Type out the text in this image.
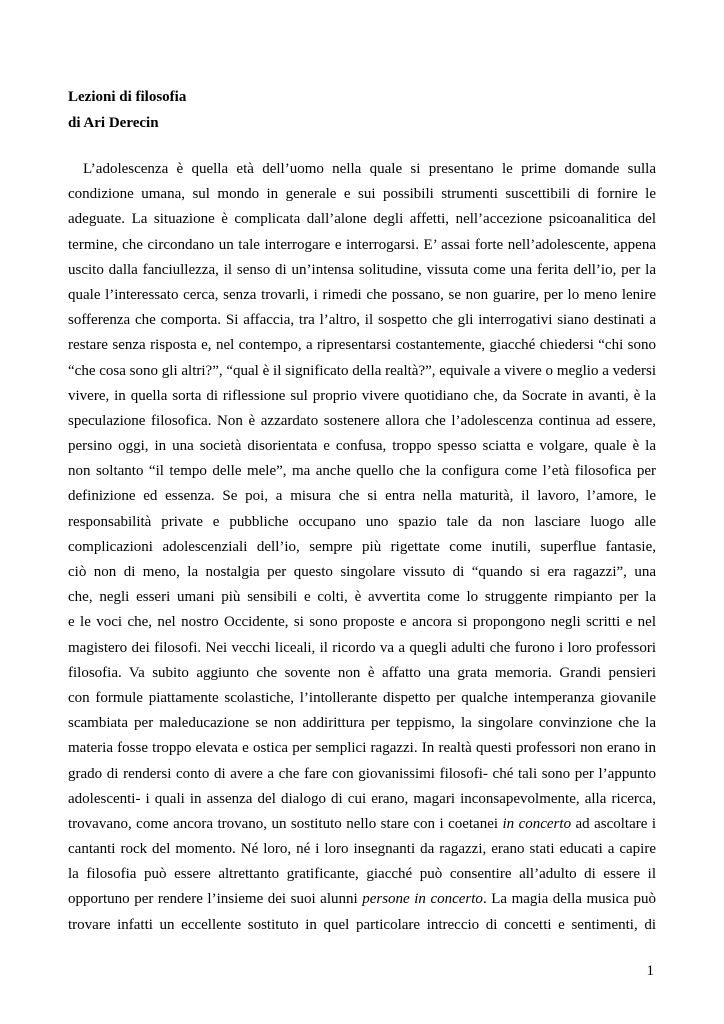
Lezioni di filosofia
di Ari Derecin
L’adolescenza è quella età dell’uomo nella quale si presentano le prime domande sulla
condizione umana, sul mondo in generale e sui possibili strumenti suscettibili di fornire le
adeguate. La situazione è complicata dall’alone degli affetti, nell’accezione psicoanalitica del
termine, che circondano un tale interrogare e interrogarsi. E’ assai forte nell’adolescente, appena
uscito dalla fanciullezza, il senso di un’intensa solitudine, vissuta come una ferita dell’io, per la
quale l’interessato cerca, senza trovarli, i rimedi che possano, se non guarire, per lo meno lenire
sofferenza che comporta. Si affaccia, tra l’altro, il sospetto che gli interrogativi siano destinati a
restare senza risposta e, nel contempo, a ripresentarsi costantemente, giacché chiedersi “chi sono
“che cosa sono gli altri?”, “qual è il significato della realtà?”, equivale a vivere o meglio a vedersi
vivere, in quella sorta di riflessione sul proprio vivere quotidiano che, da Socrate in avanti, è la
speculazione filosofica. Non è azzardato sostenere allora che l’adolescenza continua ad essere,
persino oggi, in una società disorientata e confusa, troppo spesso sciatta e volgare, quale è la
non soltanto “il tempo delle mele”, ma anche quello che la configura come l’età filosofica per
definizione ed essenza. Se poi, a misura che si entra nella maturità, il lavoro, l’amore, le
responsabilità private e pubbliche occupano uno spazio tale da non lasciare luogo alle
complicazioni adolescenziali dell’io, sempre più rigettate come inutili, superflue fantasie,
ciò non di meno, la nostalgia per questo singolare vissuto di “quando si era ragazzi”, una
che, negli esseri umani più sensibili e colti, è avvertita come lo struggente rimpianto per la
e le voci che, nel nostro Occidente, si sono proposte e ancora si propongono negli scritti e nel
magistero dei filosofi. Nei vecchi liceali, il ricordo va a quegli adulti che furono i loro professori
filosofia. Va subito aggiunto che sovente non è affatto una grata memoria. Grandi pensieri
con formule piattamente scolastiche, l’intollerante dispetto per qualche intemperanza giovanile
scambiata per maleducazione se non addirittura per teppismo, la singolare convinzione che la
materia fosse troppo elevata e ostica per semplici ragazzi. In realtà questi professori non erano in
grado di rendersi conto di avere a che fare con giovanissimi filosofi- ché tali sono per l’appunto
adolescenti- i quali in assenza del dialogo di cui erano, magari inconsapevolmente, alla ricerca,
trovavano, come ancora trovano, un sostituto nello stare con i coetanei in concerto ad ascoltare i
cantanti rock del momento. Né loro, né i loro insegnanti da ragazzi, erano stati educati a capire
la filosofia può essere altrettanto gratificante, giacché può consentire all’adulto di essere il
opportuno per rendere l’insieme dei suoi alunni persone in concerto. La magia della musica può
trovare infatti un eccellente sostituto in quel particolare intreccio di concetti e sentimenti, di
1
